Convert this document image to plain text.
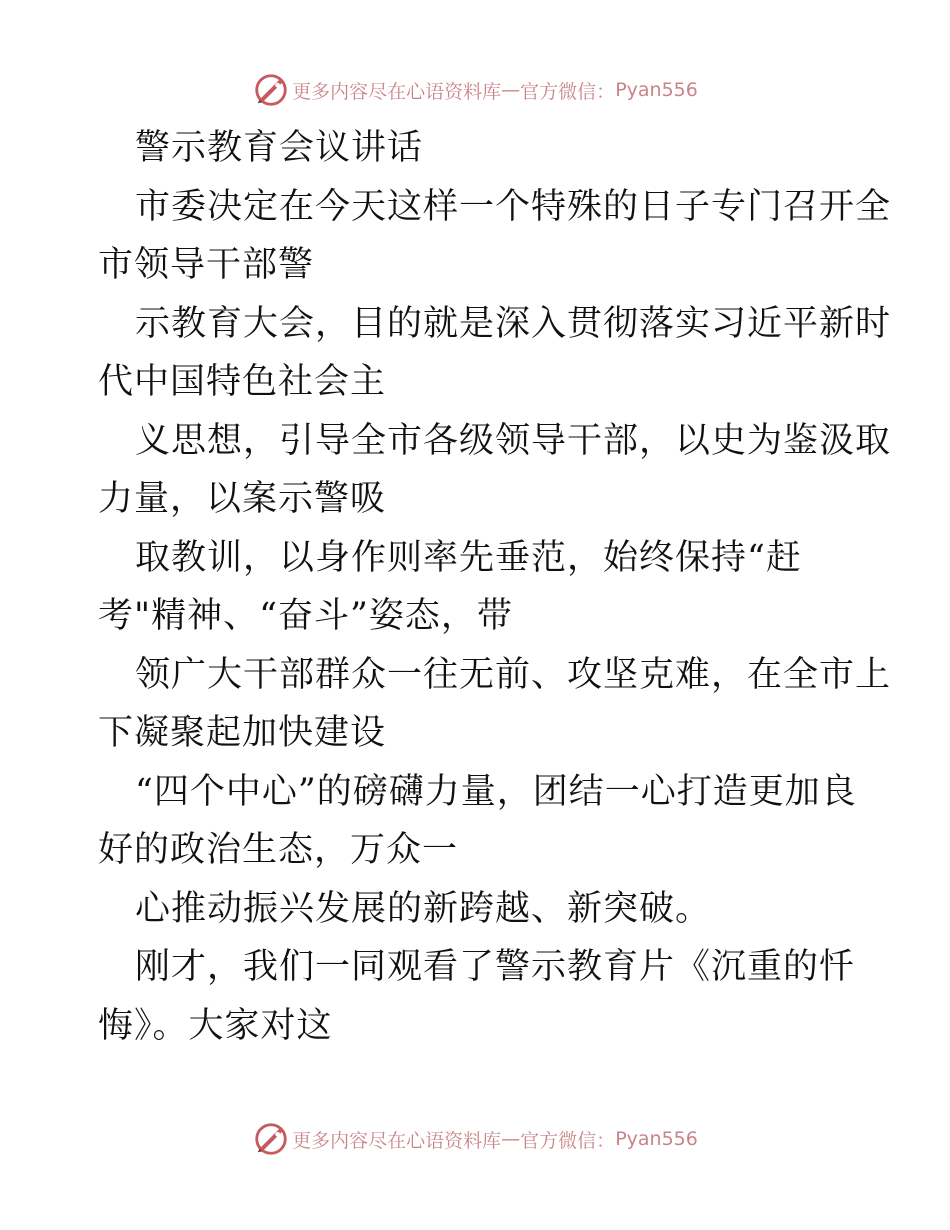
更多内容尽在心语资料库 — 官方微信： Pyan556
警示教育会议讲话
市委决定在今天这样一个特殊的日子专门召开全
市领导干部警
示教育大会，目的就是深入贯彻落实习近平新时
代中国特色社会主
义思想，引导全市各级领导干部，以史为鉴汲取
力量，以案示警吸
取教训，以身作则率先垂范，始终保持“赶
考"精神、“奋斗”姿态，带
领广大干部群众一往无前、攻坚克难，在全市上
下凝聚起加快建设
“四个中心”的磅礴力量，团结一心打造更加良
好的政治生态，万众一
心推动振兴发展的新跨越、新突破。
刚才，我们一同观看了警示教育片《沉重的忏
悔》。大家对这
更多内容尽在心语资料库 — 官方微信： Pyan556
